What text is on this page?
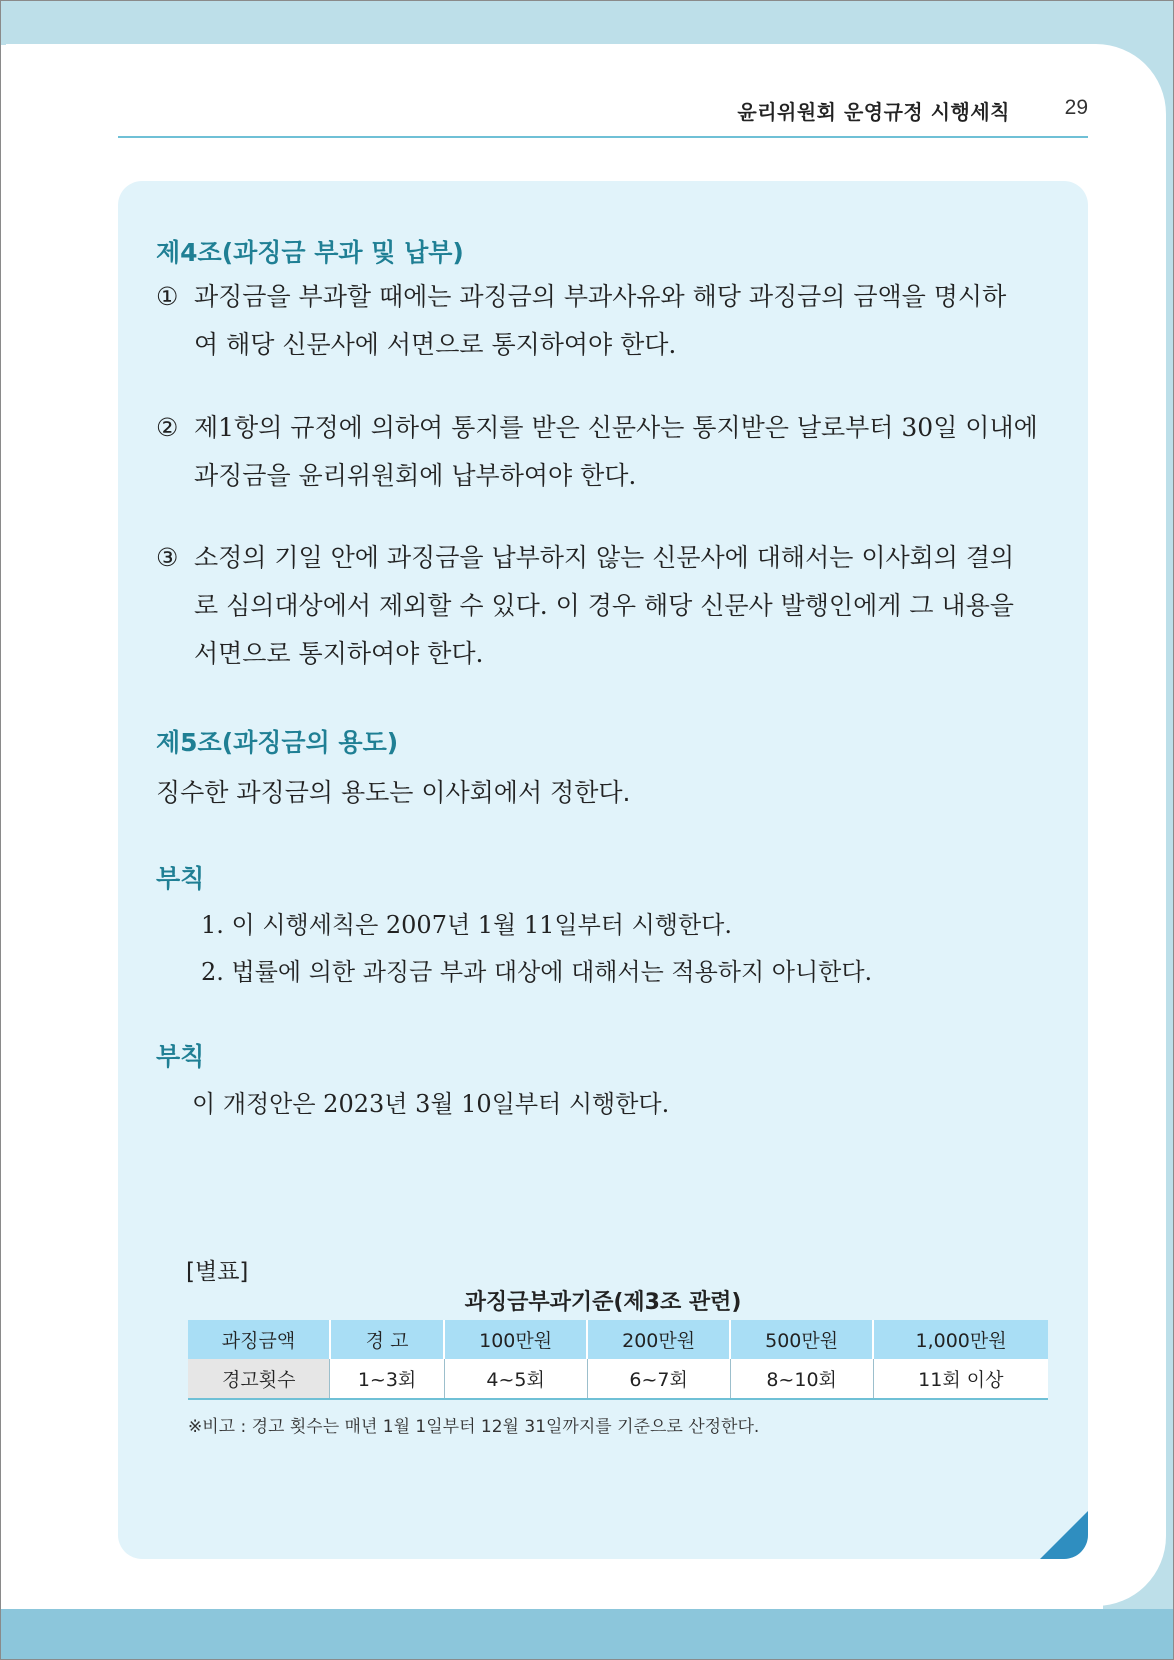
윤리위원회 운영규정 시행세칙	29
제4조(과징금 부과 및 납부)
① 과징금을 부과할 때에는 과징금의 부과사유와 해당 과징금의 금액을 명시하
여 해당 신문사에 서면으로 통지하여야 한다.
② 제1항의 규정에 의하여 통지를 받은 신문사는 통지받은 날로부터 30일 이내에
과징금을 윤리위원회에 납부하여야 한다.
③ 소정의 기일 안에 과징금을 납부하지 않는 신문사에 대해서는 이사회의 결의
로 심의대상에서 제외할 수 있다. 이 경우 해당 신문사 발행인에게 그 내용을
서면으로 통지하여야 한다.
제5조(과징금의 용도)
징수한 과징금의 용도는 이사회에서 정한다.
부칙
1. 이 시행세칙은 2007년 1월 11일부터 시행한다.
2. 법률에 의한 과징금 부과 대상에 대해서는 적용하지 아니한다.
부칙
이 개정안은 2023년 3월 10일부터 시행한다.
[별표]
과징금부과기준(제3조 관련)
과징금액	경 고	100만원	200만원	500만원	1,000만원
경고횟수	1~3회	4~5회	6~7회	8~10회	11회 이상
※비고 : 경고 횟수는 매년 1월 1일부터 12월 31일까지를 기준으로 산정한다.
